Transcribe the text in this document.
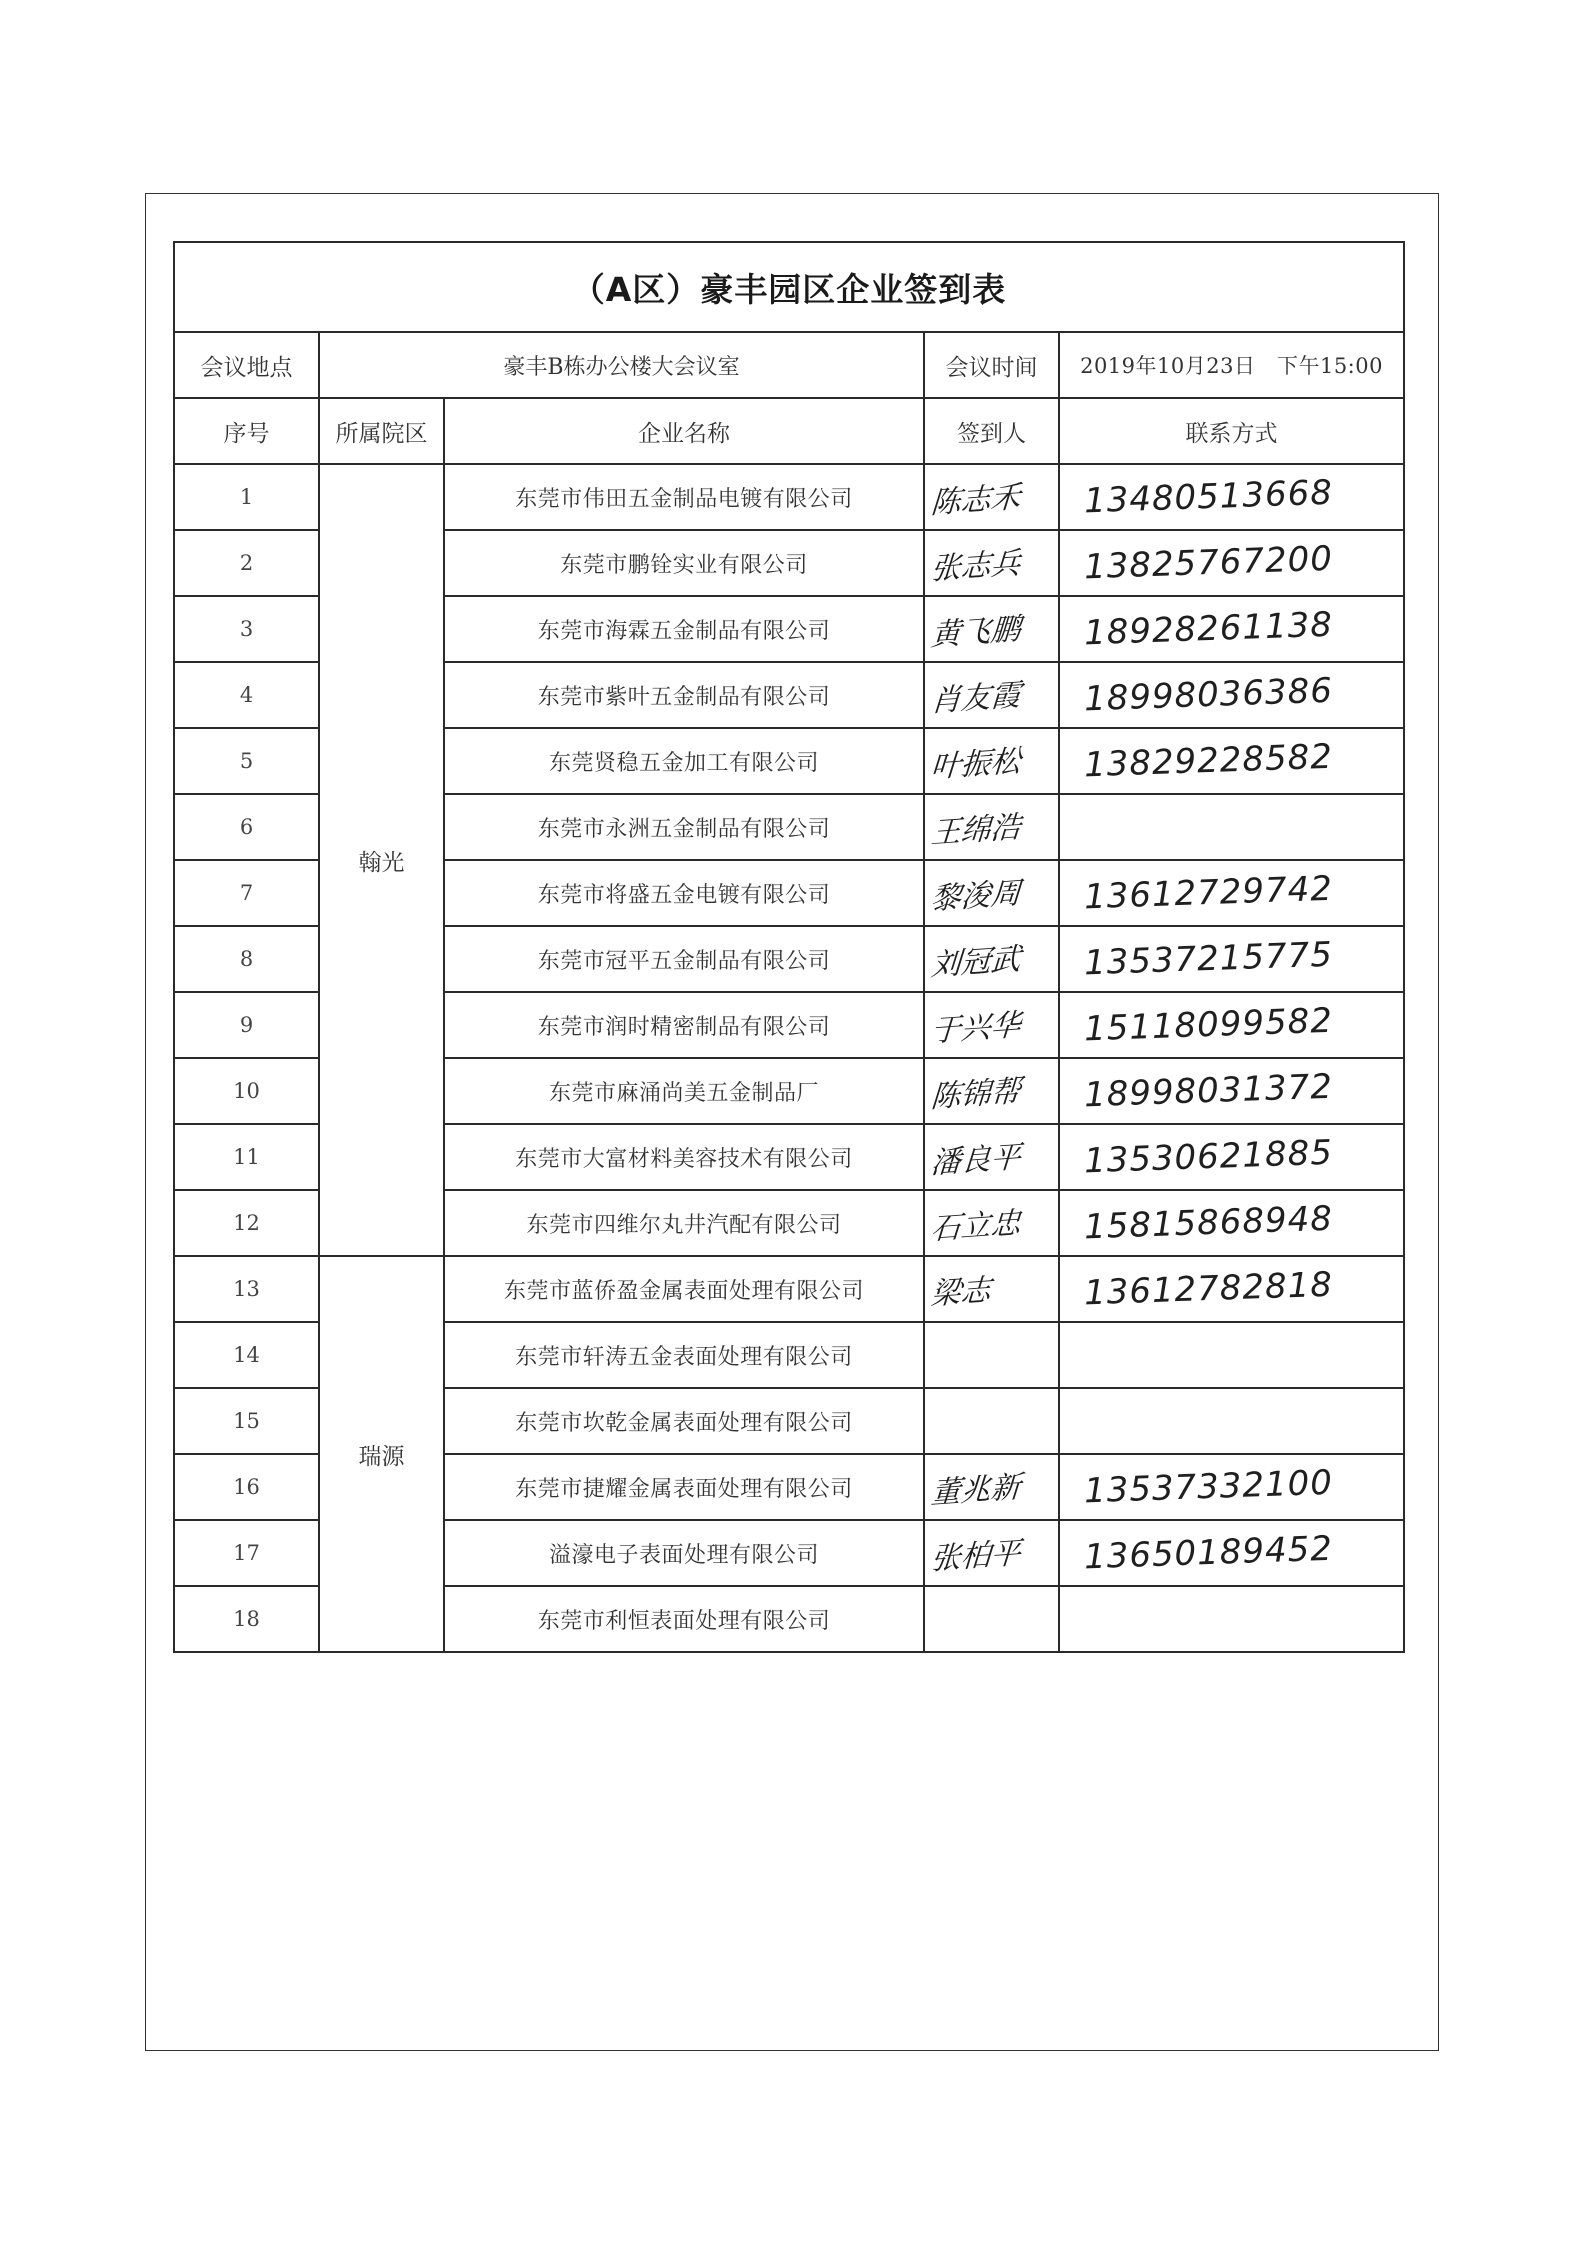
（A区）豪丰园区企业签到表				
会议地点	豪丰B栋办公楼大会议室		会议时间	2019年10月23日　下午15:00
序号	所属院区	企业名称	签到人	联系方式
1	翰光	东莞市伟田五金制品电镀有限公司	陈志禾	13480513668
2		东莞市鹏铨实业有限公司	张志兵	13825767200
3		东莞市海霖五金制品有限公司	黄飞鹏	18928261138
4		东莞市紫叶五金制品有限公司	肖友霞	18998036386
5		东莞贤稳五金加工有限公司	叶振松	13829228582
6		东莞市永洲五金制品有限公司	王绵浩	
7		东莞市将盛五金电镀有限公司	黎浚周	13612729742
8		东莞市冠平五金制品有限公司	刘冠武	13537215775
9		东莞市润时精密制品有限公司	于兴华	15118099582
10		东莞市麻涌尚美五金制品厂	陈锦帮	18998031372
11		东莞市大富材料美容技术有限公司	潘良平	13530621885
12		东莞市四维尔丸井汽配有限公司	石立忠	15815868948
13	瑞源	东莞市蓝侨盈金属表面处理有限公司	梁志	13612782818
14		东莞市轩涛五金表面处理有限公司		
15		东莞市坎乾金属表面处理有限公司		
16		东莞市捷耀金属表面处理有限公司	董兆新	13537332100
17		溢濠电子表面处理有限公司	张柏平	13650189452
18		东莞市利恒表面处理有限公司		
